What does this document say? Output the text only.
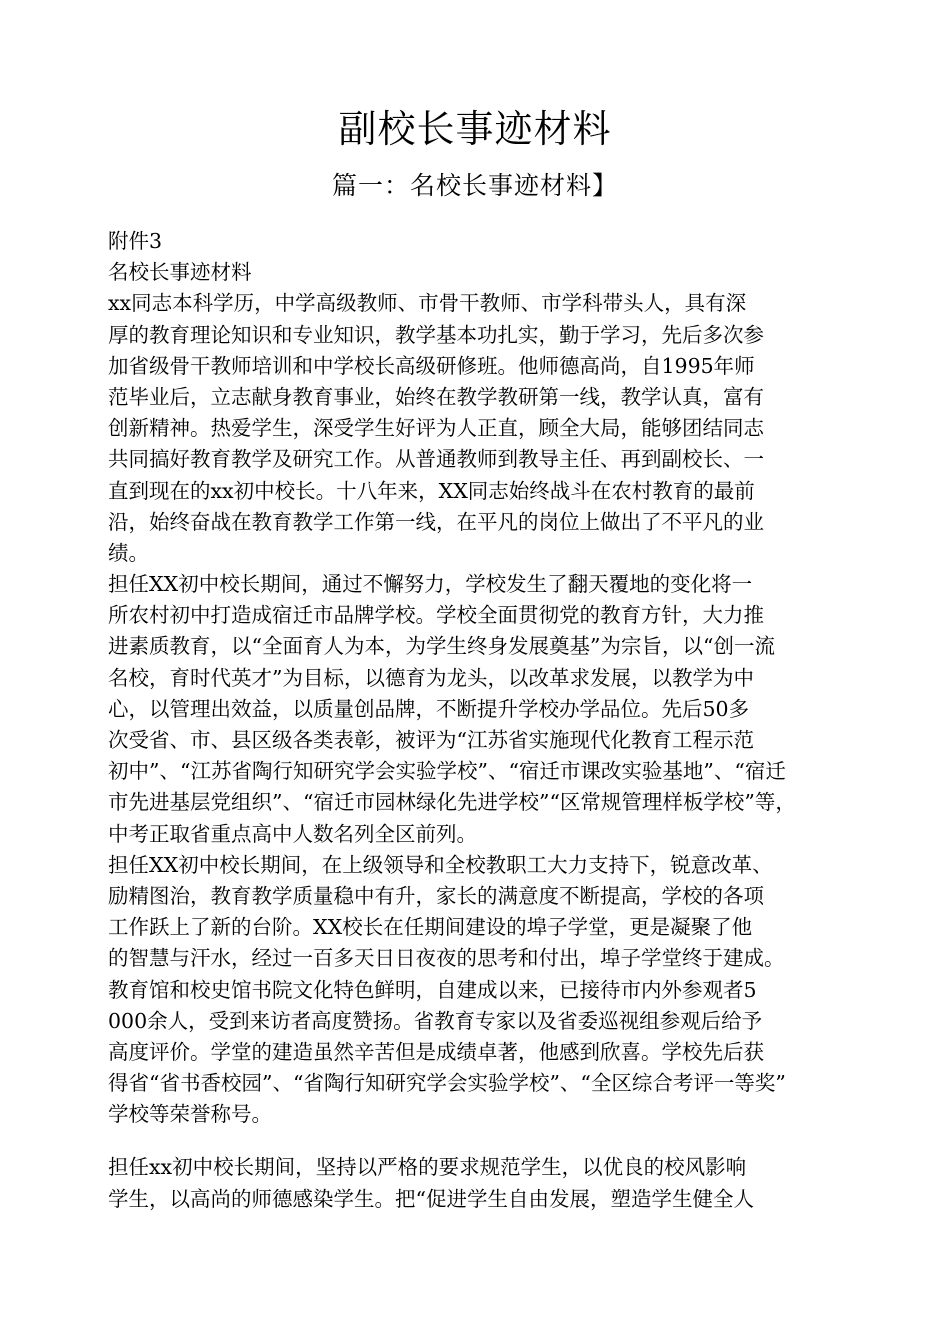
副校长事迹材料
篇一：名校长事迹材料】
附件3
名校长事迹材料
xx同志本科学历，中学高级教师、市骨干教师、市学科带头人，具有深
厚的教育理论知识和专业知识，教学基本功扎实，勤于学习，先后多次参
加省级骨干教师培训和中学校长高级研修班。他师德高尚，自1995年师
范毕业后，立志献身教育事业，始终在教学教研第一线，教学认真，富有
创新精神。热爱学生，深受学生好评为人正直，顾全大局，能够团结同志
共同搞好教育教学及研究工作。从普通教师到教导主任、再到副校长、一
直到现在的xx初中校长。十八年来，XX同志始终战斗在农村教育的最前
沿，始终奋战在教育教学工作第一线，在平凡的岗位上做出了不平凡的业
绩。
担任XX初中校长期间，通过不懈努力，学校发生了翻天覆地的变化将一
所农村初中打造成宿迁市品牌学校。学校全面贯彻党的教育方针，大力推
进素质教育，以“全面育人为本，为学生终身发展奠基”为宗旨，以“创一流
名校，育时代英才”为目标，以德育为龙头，以改革求发展，以教学为中
心，以管理出效益，以质量创品牌，不断提升学校办学品位。先后50多
次受省、市、县区级各类表彰，被评为“江苏省实施现代化教育工程示范
初中”、“江苏省陶行知研究学会实验学校”、“宿迁市课改实验基地”、“宿迁
市先进基层党组织”、“宿迁市园林绿化先进学校”“区常规管理样板学校”等，
中考正取省重点高中人数名列全区前列。
担任XX初中校长期间，在上级领导和全校教职工大力支持下，锐意改革、
励精图治，教育教学质量稳中有升，家长的满意度不断提高，学校的各项
工作跃上了新的台阶。XX校长在任期间建设的埠子学堂，更是凝聚了他
的智慧与汗水，经过一百多天日日夜夜的思考和付出，埠子学堂终于建成。
教育馆和校史馆书院文化特色鲜明，自建成以来，已接待市内外参观者5
000余人，受到来访者高度赞扬。省教育专家以及省委巡视组参观后给予
高度评价。学堂的建造虽然辛苦但是成绩卓著，他感到欣喜。学校先后获
得省“省书香校园”、“省陶行知研究学会实验学校”、“全区综合考评一等奖”
学校等荣誉称号。
担任xx初中校长期间，坚持以严格的要求规范学生，以优良的校风影响
学生，以高尚的师德感染学生。把“促进学生自由发展，塑造学生健全人
